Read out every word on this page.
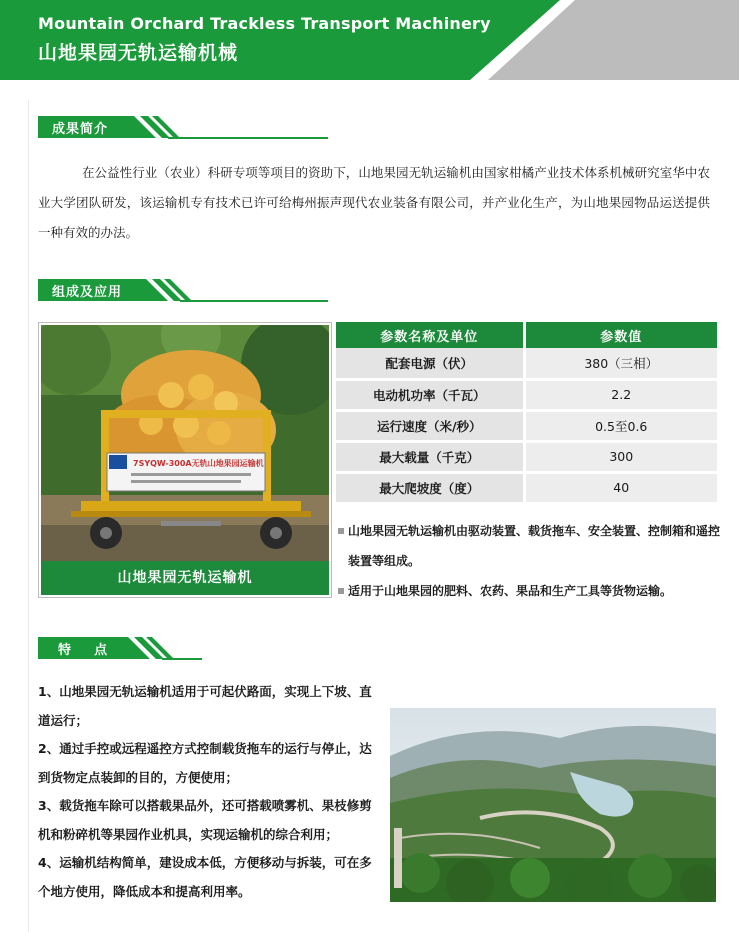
Mountain Orchard Trackless Transport Machinery
山地果园无轨运输机械
成果简介
在公益性行业（农业）科研专项等项目的资助下，山地果园无轨运输机由国家柑橘产业技术体系机械研究室华中农业大学团队研发，该运输机专有技术已许可给梅州振声现代农业装备有限公司，并产业化生产，为山地果园物品运送提供一种有效的办法。
组成及应用
7SYQW-300A无轨山地果园运输机
山地果园无轨运输机
参数名称及单位	参数值
配套电源（伏）	380（三相）
电动机功率（千瓦）	2.2
运行速度（米/秒）	0.5至0.6
最大载量（千克）	300
最大爬坡度（度）	40
山地果园无轨运输机由驱动装置、载货拖车、安全装置、控制箱和遥控装置等组成。
适用于山地果园的肥料、农药、果品和生产工具等货物运输。
特    点
1、山地果园无轨运输机适用于可起伏路面，实现上下坡、直道运行；
2、通过手控或远程遥控方式控制载货拖车的运行与停止，达到货物定点装卸的目的，方便使用；
3、载货拖车除可以搭载果品外，还可搭载喷雾机、果枝修剪机和粉碎机等果园作业机具，实现运输机的综合利用；
4、运输机结构简单，建设成本低，方便移动与拆装，可在多个地方使用，降低成本和提高利用率。
